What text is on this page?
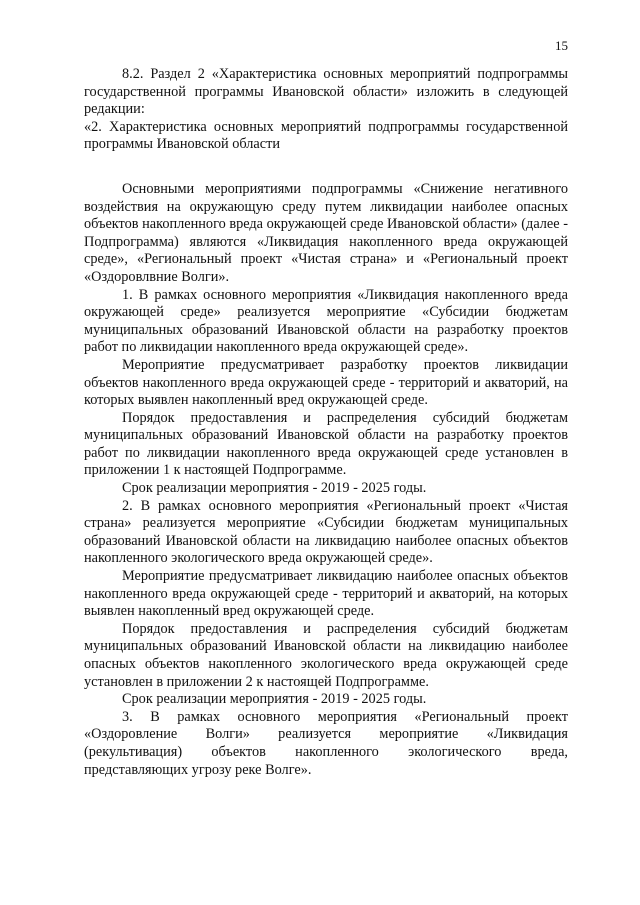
15

8.2. Раздел 2 «Характеристика основных мероприятий подпрограммы государственной программы Ивановской области» изложить в следующей редакции:

«2. Характеристика основных мероприятий подпрограммы государственной программы Ивановской области

Основными мероприятиями подпрограммы «Снижение негативного воздействия на окружающую среду путем ликвидации наиболее опасных объектов накопленного вреда окружающей среде Ивановской области» (далее - Подпрограмма) являются «Ликвидация накопленного вреда окружающей среде», «Региональный проект «Чистая страна» и «Региональный проект «Оздоровлвние Волги».

1. В рамках основного мероприятия «Ликвидация накопленного вреда окружающей среде» реализуется мероприятие «Субсидии бюджетам муниципальных образований Ивановской области на разработку проектов работ по ликвидации накопленного вреда окружающей среде».

Мероприятие предусматривает разработку проектов ликвидации объектов накопленного вреда окружающей среде - территорий и акваторий, на которых выявлен накопленный вред окружающей среде.

Порядок предоставления и распределения субсидий бюджетам муниципальных образований Ивановской области на разработку проектов работ по ликвидации накопленного вреда окружающей среде установлен в приложении 1 к настоящей Подпрограмме.

Срок реализации мероприятия - 2019 - 2025 годы.

2. В рамках основного мероприятия «Региональный проект «Чистая страна» реализуется мероприятие «Субсидии бюджетам муниципальных образований Ивановской области на ликвидацию наиболее опасных объектов накопленного экологического вреда окружающей среде».

Мероприятие предусматривает ликвидацию наиболее опасных объектов накопленного вреда окружающей среде - территорий и акваторий, на которых выявлен накопленный вред окружающей среде.

Порядок предоставления и распределения субсидий бюджетам муниципальных образований Ивановской области на ликвидацию наиболее опасных объектов накопленного экологического вреда окружающей среде установлен в приложении 2 к настоящей Подпрограмме.

Срок реализации мероприятия - 2019 - 2025 годы.

3. В рамках основного мероприятия «Региональный проект «Оздоровление Волги» реализуется мероприятие «Ликвидация (рекультивация) объектов накопленного экологического вреда, представляющих угрозу реке Волге».
